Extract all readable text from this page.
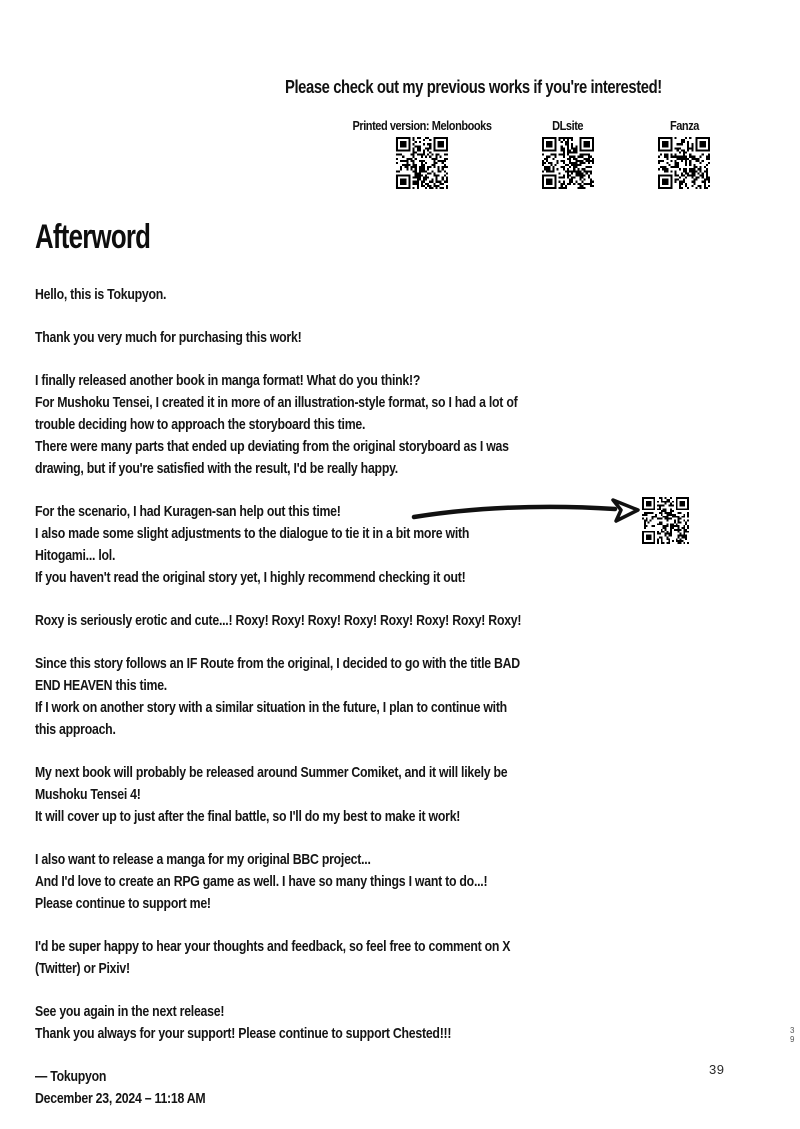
Please check out my previous works if you're interested!
Printed version: Melonbooks	DLsite	Fanza
Afterword
Hello, this is Tokupyon.
Thank you very much for purchasing this work!
I finally released another book in manga format! What do you think!?
For Mushoku Tensei, I created it in more of an illustration-style format, so I had a lot of
trouble deciding how to approach the storyboard this time.
There were many parts that ended up deviating from the original storyboard as I was
drawing, but if you're satisfied with the result, I'd be really happy.
For the scenario, I had Kuragen-san help out this time!
I also made some slight adjustments to the dialogue to tie it in a bit more with
Hitogami... lol.
If you haven't read the original story yet, I highly recommend checking it out!
Roxy is seriously erotic and cute...! Roxy! Roxy! Roxy! Roxy! Roxy! Roxy! Roxy! Roxy!
Since this story follows an IF Route from the original, I decided to go with the title BAD
END HEAVEN this time.
If I work on another story with a similar situation in the future, I plan to continue with
this approach.
My next book will probably be released around Summer Comiket, and it will likely be
Mushoku Tensei 4!
It will cover up to just after the final battle, so I'll do my best to make it work!
I also want to release a manga for my original BBC project...
And I'd love to create an RPG game as well. I have so many things I want to do...!
Please continue to support me!
I'd be super happy to hear your thoughts and feedback, so feel free to comment on X
(Twitter) or Pixiv!
See you again in the next release!
Thank you always for your support! Please continue to support Chested!!!
— Tokupyon
December 23, 2024 – 11:18 AM
39
3
9
